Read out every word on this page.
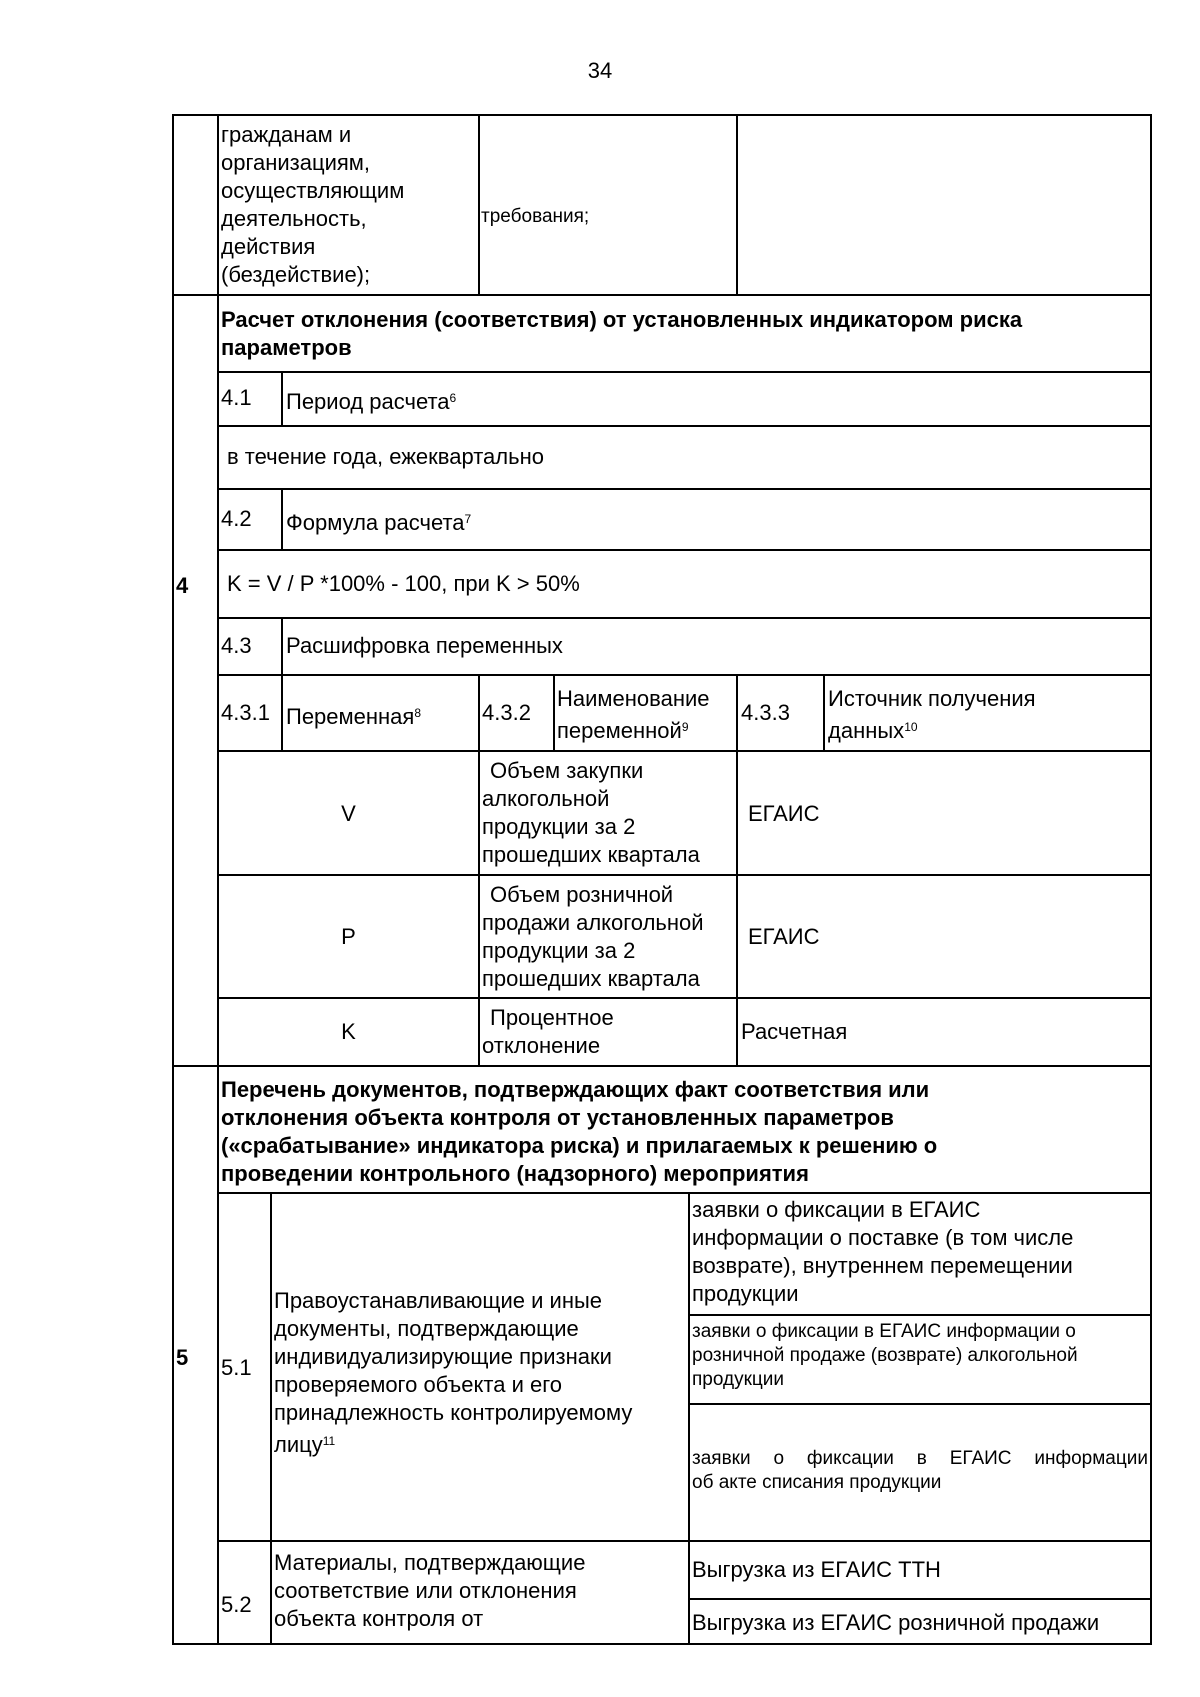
34
гражданам и
организациям,
осуществляющим
деятельность,
действия
(бездействие);
требования;
4
Расчет отклонения (соответствия) от установленных индикатором риска
параметров
4.1 Период расчета$^6$
в течение года, ежеквартально
4.2 Формула расчета$^7$
K = V / P *100% - 100, при K > 50%
4.3 Расшифровка переменных
4.3.1 Переменная$^8$	4.3.2
Наименование
переменной$^9$
4.3.3
Источник получения
данных$^{10}$
V
Объем закупки
алкогольной
продукции за 2
прошедших квартала
ЕГАИС
P
Объем розничной
продажи алкогольной
продукции за 2
прошедших квартала
ЕГАИС
K
Процентное
отклонение
Расчетная
5
Перечень документов, подтверждающих факт соответствия или
отклонения объекта контроля от установленных параметров
(«срабатывание» индикатора риска) и прилагаемых к решению о
проведении контрольного (надзорного) мероприятия
5.1
Правоустанавливающие и иные
документы, подтверждающие
индивидуализирующие признаки
проверяемого объекта и его
принадлежность контролируемому
лицу$^{11}$
заявки о фиксации в ЕГАИС
информации о поставке (в том числе
возврате), внутреннем перемещении
продукции
заявки о фиксации в ЕГАИС информации о
розничной продаже (возврате) алкогольной
продукции
заявки о фиксации в ЕГАИС информации
об акте списания продукции
5.2
Материалы, подтверждающие
соответствие или отклонения
объекта контроля от
Выгрузка из ЕГАИС ТТН
Выгрузка из ЕГАИС розничной продажи
